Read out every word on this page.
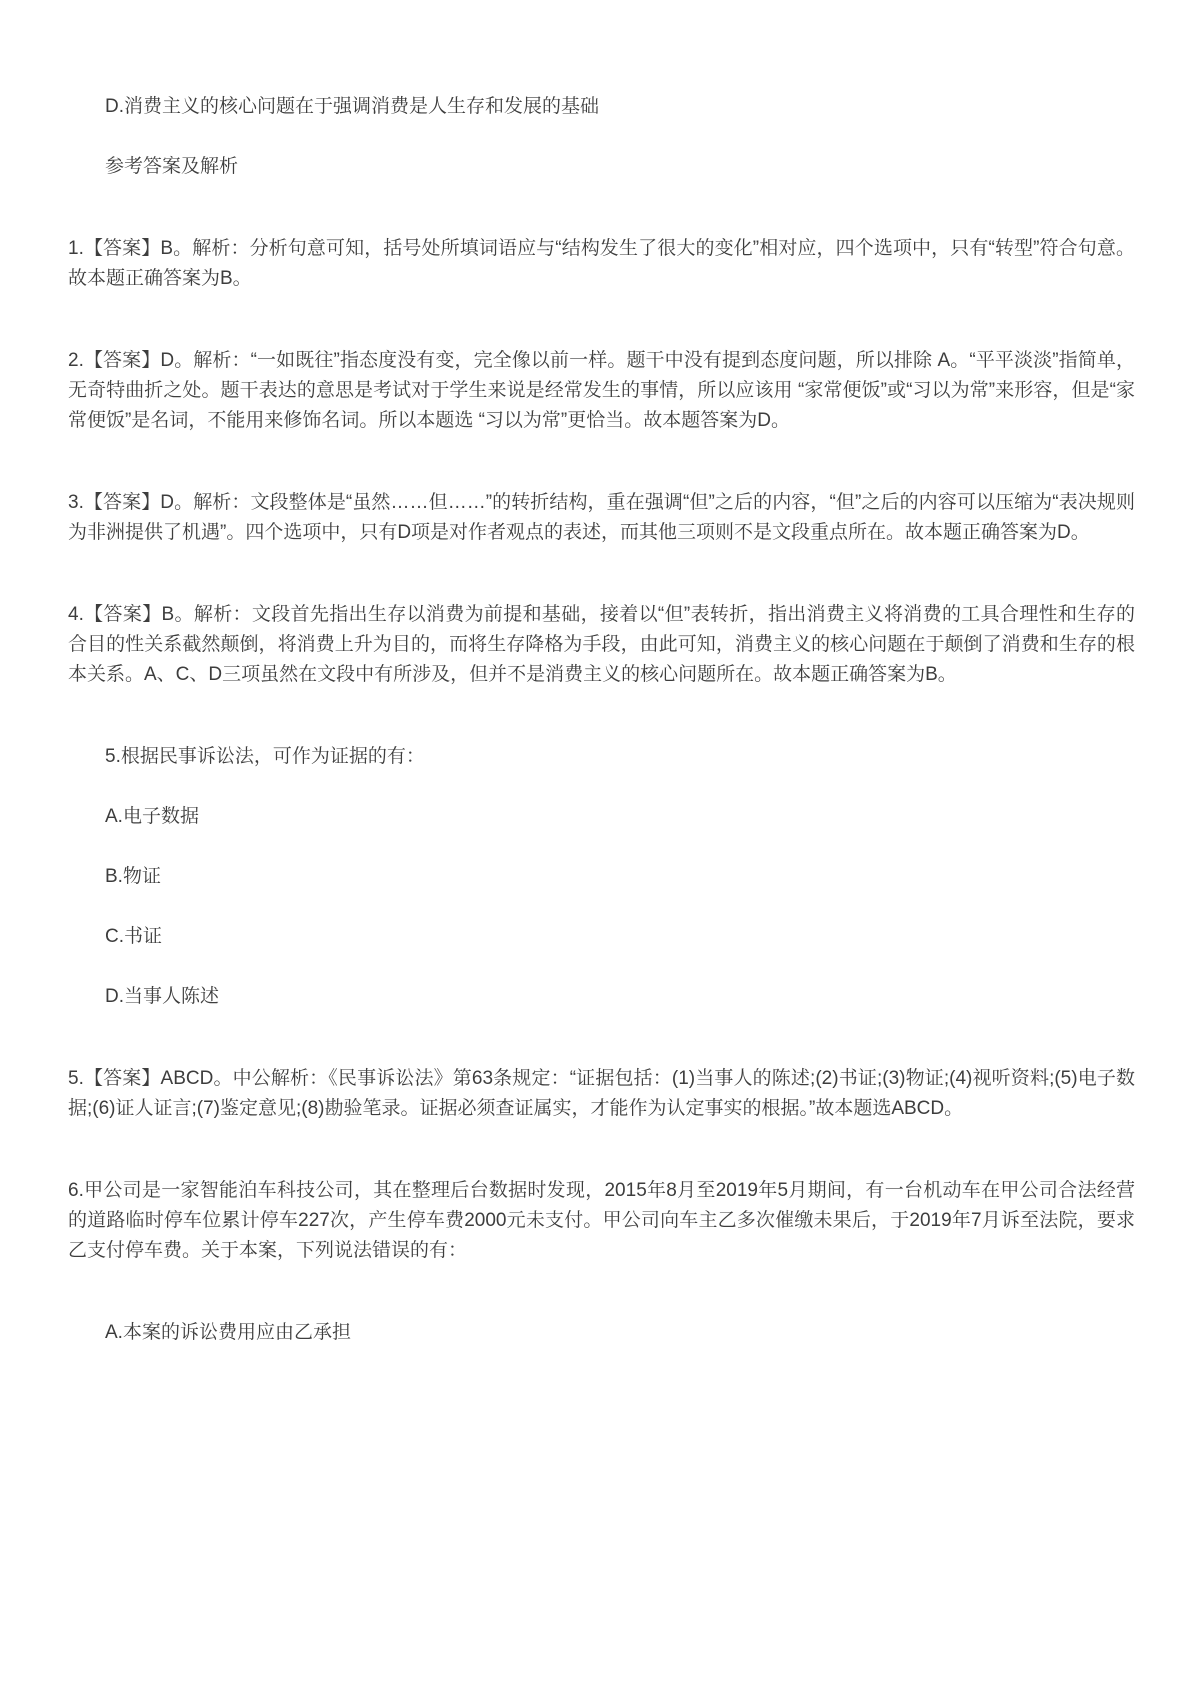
D.消费主义的核心问题在于强调消费是人生存和发展的基础

参考答案及解析

1.【答案】B。解析：分析句意可知，括号处所填词语应与“结构发生了很大的变化”相对应，四个选项中，只有“转型”符合句意。故本题正确答案为B。

2.【答案】D。解析：“一如既往”指态度没有变，完全像以前一样。题干中没有提到态度问题，所以排除 A。“平平淡淡”指简单，无奇特曲折之处。题干表达的意思是考试对于学生来说是经常发生的事情，所以应该用 “家常便饭”或“习以为常”来形容，但是“家常便饭”是名词，不能用来修饰名词。所以本题选 “习以为常”更恰当。故本题答案为D。

3.【答案】D。解析：文段整体是“虽然……但……”的转折结构，重在强调“但”之后的内容，“但”之后的内容可以压缩为“表决规则为非洲提供了机遇”。四个选项中，只有D项是对作者观点的表述，而其他三项则不是文段重点所在。故本题正确答案为D。

4.【答案】B。解析：文段首先指出生存以消费为前提和基础，接着以“但”表转折，指出消费主义将消费的工具合理性和生存的合目的性关系截然颠倒，将消费上升为目的，而将生存降格为手段，由此可知，消费主义的核心问题在于颠倒了消费和生存的根本关系。A、C、D三项虽然在文段中有所涉及，但并不是消费主义的核心问题所在。故本题正确答案为B。

5.根据民事诉讼法，可作为证据的有：

A.电子数据

B.物证

C.书证

D.当事人陈述

5.【答案】ABCD。中公解析：《民事诉讼法》第63条规定：“证据包括：(1)当事人的陈述;(2)书证;(3)物证;(4)视听资料;(5)电子数据;(6)证人证言;(7)鉴定意见;(8)勘验笔录。证据必须查证属实，才能作为认定事实的根据。”故本题选ABCD。

6.甲公司是一家智能泊车科技公司，其在整理后台数据时发现，2015年8月至2019年5月期间，有一台机动车在甲公司合法经营的道路临时停车位累计停车227次，产生停车费2000元未支付。甲公司向车主乙多次催缴未果后，于2019年7月诉至法院，要求乙支付停车费。关于本案，下列说法错误的有：

A.本案的诉讼费用应由乙承担
